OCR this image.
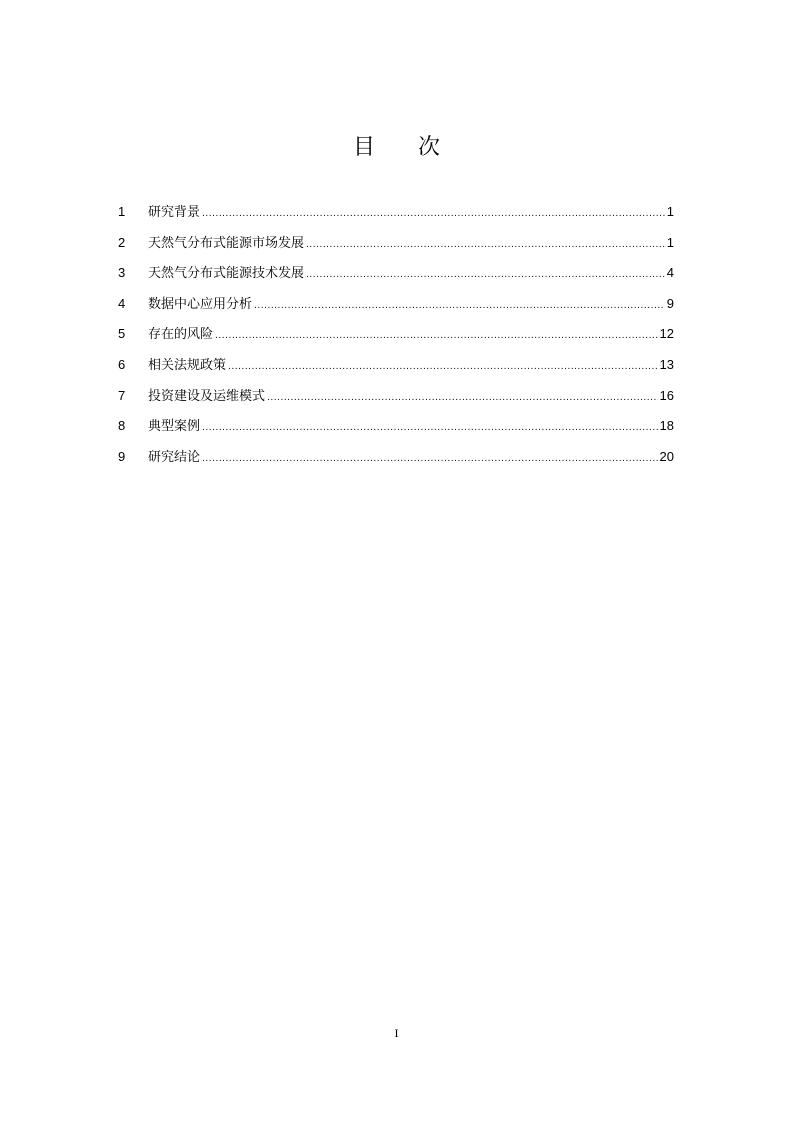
目 次
1	研究背景 .....	1
2	天然气分布式能源市场发展 .....	1
3	天然气分布式能源技术发展 .....	4
4	数据中心应用分析 .....	9
5	存在的风险 .....	12
6	相关法规政策 .....	13
7	投资建设及运维模式 .....	16
8	典型案例 .....	18
9	研究结论 .....	20
I
